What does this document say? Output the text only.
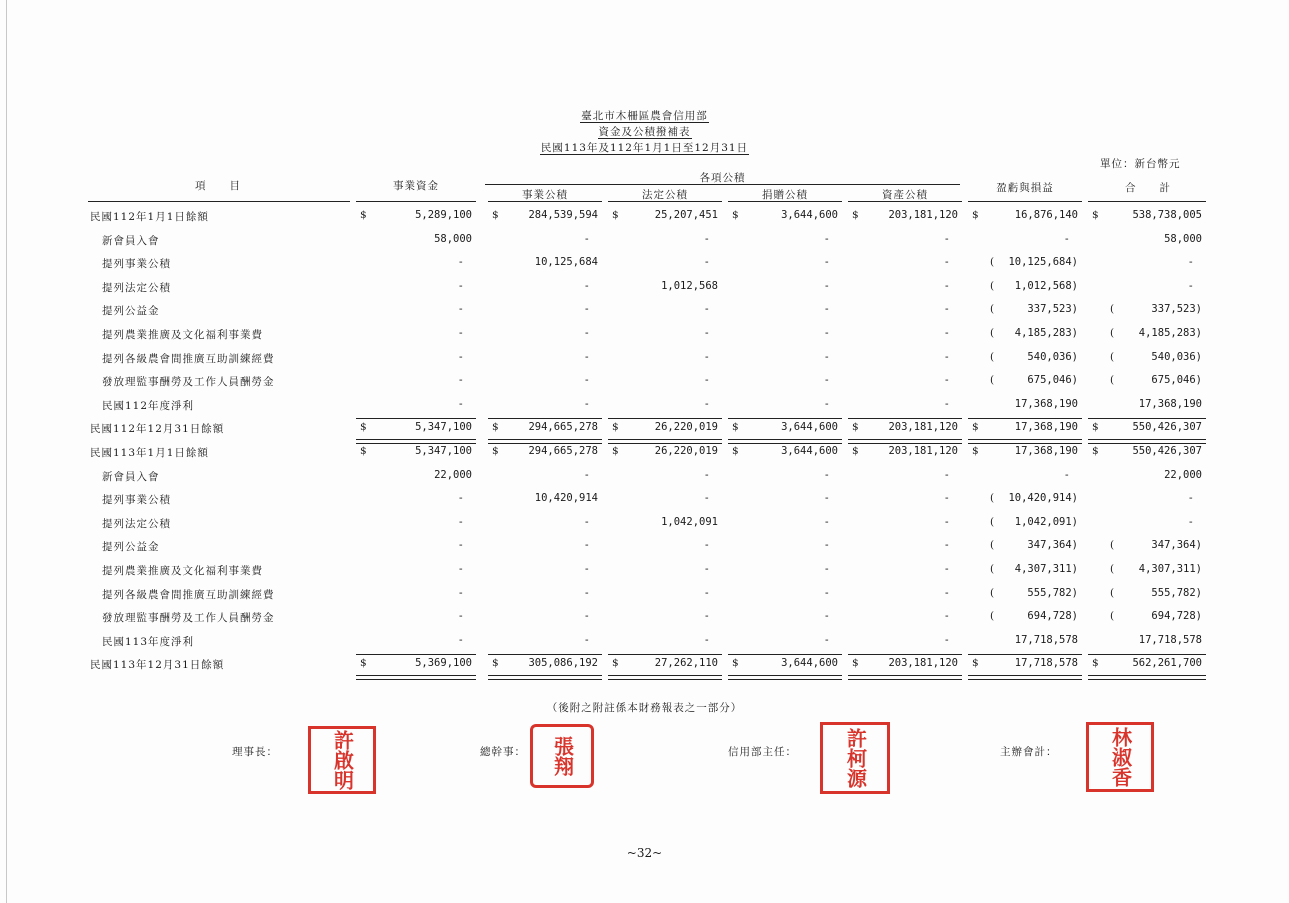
臺北市木柵區農會信用部
資金及公積撥補表
民國113年及112年1月1日至12月31日
單位：新台幣元
項　　目	事業資金
各項公積
事業公積	法定公積	捐贈公積	資產公積
盈虧與損益	合　　計
民國112年1月1日餘額	$	5,289,100 $	284,539,594 $	25,207,451 $	3,644,600 $	203,181,120 $	16,876,140 $	538,738,005
新會員入會	58,000	-	-	-	-	-	58,000
提列事業公積	-	10,125,684	-	-	-	( 10,125,684)	-
提列法定公積	-	-	1,012,568	-	-	( 1,012,568)	-
提列公益金	-	-	-	-	-	(	337,523)	(	337,523)
提列農業推廣及文化福利事業費	-	-	-	-	-	( 4,185,283)	( 4,185,283)
提列各級農會間推廣互助訓練經費	-	-	-	-	-	(	540,036)	(	540,036)
發放理監事酬勞及工作人員酬勞金	-	-	-	-	-	(	675,046)	(	675,046)
民國112年度淨利	-	-	-	-	-	17,368,190	17,368,190
民國112年12月31日餘額	$	5,347,100 $	294,665,278 $	26,220,019 $	3,644,600 $	203,181,120 $	17,368,190 $	550,426,307
民國113年1月1日餘額	$	5,347,100 $	294,665,278 $	26,220,019 $	3,644,600 $	203,181,120 $	17,368,190 $	550,426,307
新會員入會	22,000	-	-	-	-	-	22,000
提列事業公積	-	10,420,914	-	-	-	( 10,420,914)	-
提列法定公積	-	-	1,042,091	-	-	( 1,042,091)	-
提列公益金	-	-	-	-	-	(	347,364)	(	347,364)
提列農業推廣及文化福利事業費	-	-	-	-	-	( 4,307,311)	( 4,307,311)
提列各級農會間推廣互助訓練經費	-	-	-	-	-	(	555,782)	(	555,782)
發放理監事酬勞及工作人員酬勞金	-	-	-	-	-	(	694,728)	(	694,728)
民國113年度淨利	-	-	-	-	-	17,718,578	17,718,578
民國113年12月31日餘額	$	5,369,100 $	305,086,192 $	27,262,110 $	3,644,600 $	203,181,120 $	17,718,578 $	562,261,700
（後附之附註係本財務報表之一部分）
理事長：	許啟明	總幹事： 張翔	信用部主任： 許柯源	主辦會計：	林淑香
~32~
